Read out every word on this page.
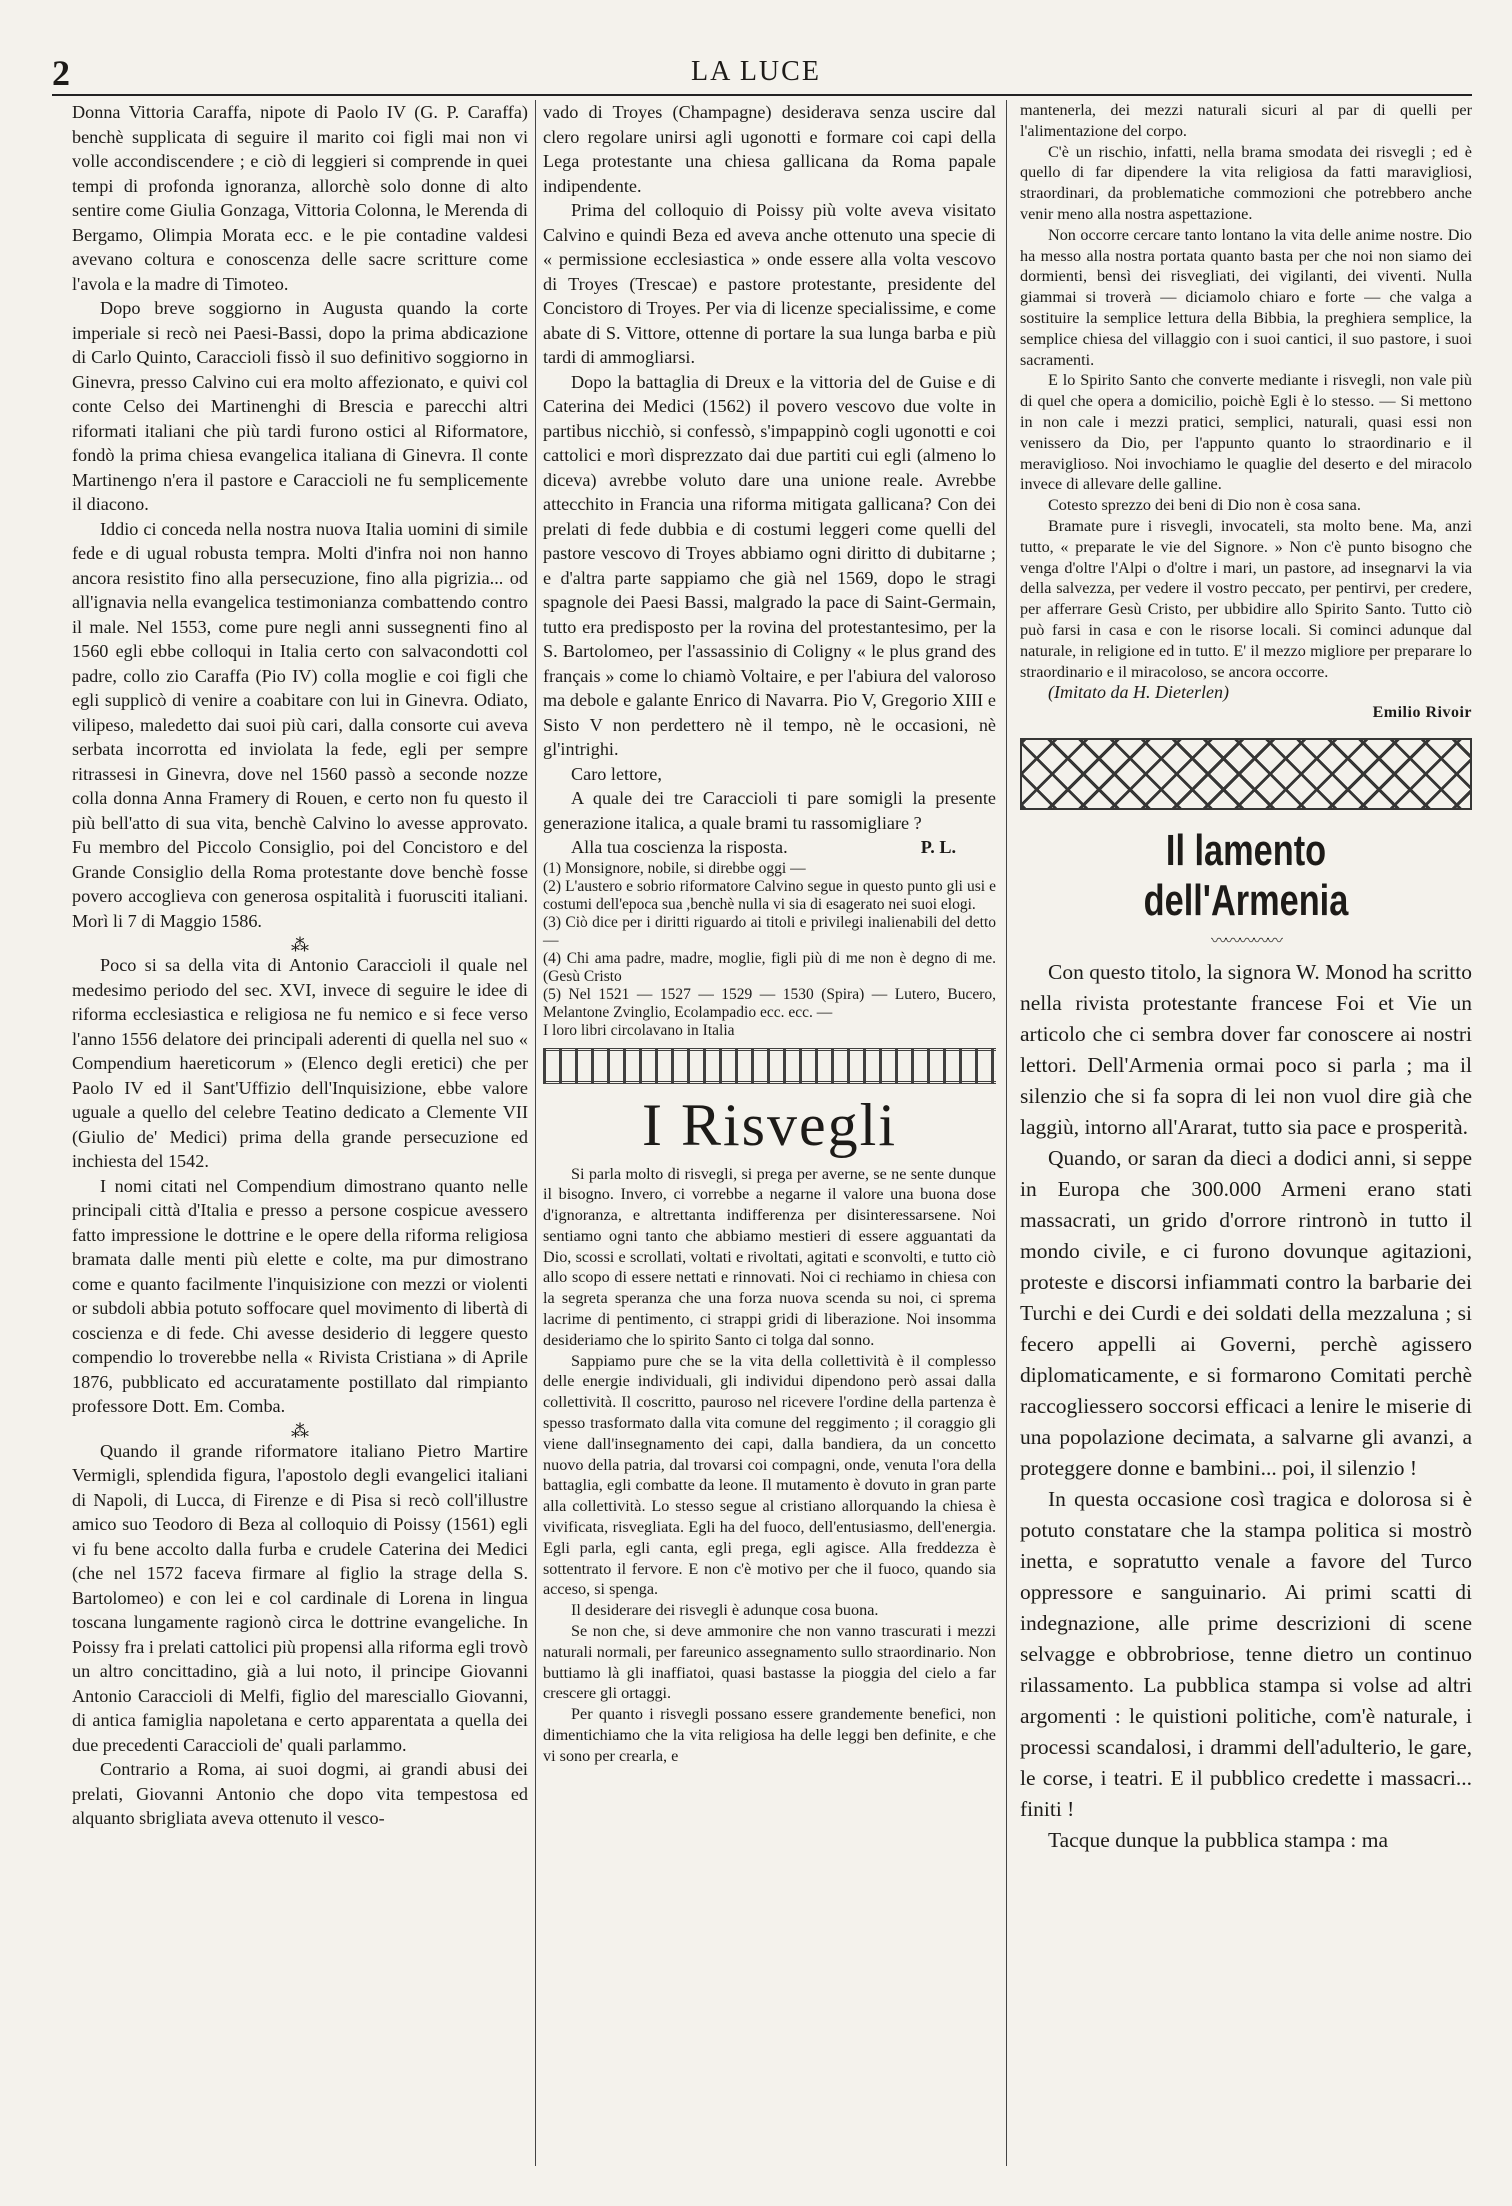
2	LA LUCE

Donna Vittoria Caraffa, nipote di Paolo IV (G. P. Caraffa) benchè supplicata di seguire il marito coi figli mai non vi volle accondiscendere ; e ciò di leggieri si comprende in quei tempi di profonda ignoranza, allorchè solo donne di alto sentire come Giulia Gonzaga, Vittoria Colonna, le Merenda di Bergamo, Olimpia Morata ecc. e le pie contadine valdesi avevano coltura e conoscenza delle sacre scritture come l'avola e la madre di Timoteo.

Dopo breve soggiorno in Augusta quando la corte imperiale si recò nei Paesi-Bassi, dopo la prima abdicazione di Carlo Quinto, Caraccioli fissò il suo definitivo soggiorno in Ginevra, presso Calvino cui era molto affezionato, e quivi col conte Celso dei Martinenghi di Brescia e parecchi altri riformati italiani che più tardi furono ostici al Riformatore, fondò la prima chiesa evangelica italiana di Ginevra. Il conte Martinengo n'era il pastore e Caraccioli ne fu semplicemente il diacono.

Iddio ci conceda nella nostra nuova Italia uomini di simile fede e di ugual robusta tempra. Molti d'infra noi non hanno ancora resistito fino alla persecuzione, fino alla pigrizia... od all'ignavia nella evangelica testimonianza combattendo contro il male. Nel 1553, come pure negli anni sussegnenti fino al 1560 egli ebbe colloqui in Italia certo con salvacondotti col padre, collo zio Caraffa (Pio IV) colla moglie e coi figli che egli supplicò di venire a coabitare con lui in Ginevra. Odiato, vilipeso, maledetto dai suoi più cari, dalla consorte cui aveva serbata incorrotta ed inviolata la fede, egli per sempre ritrassesi in Ginevra, dove nel 1560 passò a seconde nozze colla donna Anna Framery di Rouen, e certo non fu questo il più bell'atto di sua vita, benchè Calvino lo avesse approvato. Fu membro del Piccolo Consiglio, poi del Concistoro e del Grande Consiglio della Roma protestante dove benchè fosse povero accoglieva con generosa ospitalità i fuorusciti italiani. Morì li 7 di Maggio 1586.

⁂

Poco si sa della vita di Antonio Caraccioli il quale nel medesimo periodo del sec. XVI, invece di seguire le idee di riforma ecclesiastica e religiosa ne fu nemico e si fece verso l'anno 1556 delatore dei principali aderenti di quella nel suo « Compendium haereticorum » (Elenco degli eretici) che per Paolo IV ed il Sant'Uffizio dell'Inquisizione, ebbe valore uguale a quello del celebre Teatino dedicato a Clemente VII (Giulio de' Medici) prima della grande persecuzione ed inchiesta del 1542.

I nomi citati nel Compendium dimostrano quanto nelle principali città d'Italia e presso a persone cospicue avessero fatto impressione le dottrine e le opere della riforma religiosa bramata dalle menti più elette e colte, ma pur dimostrano come e quanto facilmente l'inquisizione con mezzi or violenti or subdoli abbia potuto soffocare quel movimento di libertà di coscienza e di fede. Chi avesse desiderio di leggere questo compendio lo troverebbe nella « Rivista Cristiana » di Aprile 1876, pubblicato ed accuratamente postillato dal rimpianto professore Dott. Em. Comba.

⁂

Quando il grande riformatore italiano Pietro Martire Vermigli, splendida figura, l'apostolo degli evangelici italiani di Napoli, di Lucca, di Firenze e di Pisa si recò coll'illustre amico suo Teodoro di Beza al colloquio di Poissy (1561) egli vi fu bene accolto dalla furba e crudele Caterina dei Medici (che nel 1572 faceva firmare al figlio la strage della S. Bartolomeo) e con lei e col cardinale di Lorena in lingua toscana lungamente ragionò circa le dottrine evangeliche. In Poissy fra i prelati cattolici più propensi alla riforma egli trovò un altro concittadino, già a lui noto, il principe Giovanni Antonio Caraccioli di Melfi, figlio del maresciallo Giovanni, di antica famiglia napoletana e certo apparentata a quella dei due precedenti Caraccioli de' quali parlammo.

Contrario a Roma, ai suoi dogmi, ai grandi abusi dei prelati, Giovanni Antonio che dopo vita tempestosa ed alquanto sbrigliata aveva ottenuto il vesco-

vado di Troyes (Champagne) desiderava senza uscire dal clero regolare unirsi agli ugonotti e formare coi capi della Lega protestante una chiesa gallicana da Roma papale indipendente.

Prima del colloquio di Poissy più volte aveva visitato Calvino e quindi Beza ed aveva anche ottenuto una specie di « permissione ecclesiastica » onde essere alla volta vescovo di Troyes (Trescae) e pastore protestante, presidente del Concistoro di Troyes. Per via di licenze specialissime, e come abate di S. Vittore, ottenne di portare la sua lunga barba e più tardi di ammogliarsi.

Dopo la battaglia di Dreux e la vittoria del de Guise e di Caterina dei Medici (1562) il povero vescovo due volte in partibus nicchiò, si confessò, s'impappinò cogli ugonotti e coi cattolici e morì disprezzato dai due partiti cui egli (almeno lo diceva) avrebbe voluto dare una unione reale. Avrebbe attecchito in Francia una riforma mitigata gallicana? Con dei prelati di fede dubbia e di costumi leggeri come quelli del pastore vescovo di Troyes abbiamo ogni diritto di dubitarne ; e d'altra parte sappiamo che già nel 1569, dopo le stragi spagnole dei Paesi Bassi, malgrado la pace di Saint-Germain, tutto era predisposto per la rovina del protestantesimo, per la S. Bartolomeo, per l'assassinio di Coligny « le plus grand des français » come lo chiamò Voltaire, e per l'abiura del valoroso ma debole e galante Enrico di Navarra. Pio V, Gregorio XIII e Sisto V non perdettero nè il tempo, nè le occasioni, nè gl'intrighi.

Caro lettore,

A quale dei tre Caraccioli ti pare somigli la presente generazione italica, a quale brami tu rassomigliare ?

Alla tua coscienza la risposta.	P. L.

(1) Monsignore, nobile, si direbbe oggi —

(2) L'austero e sobrio riformatore Calvino segue in questo punto gli usi e costumi dell'epoca sua ,benchè nulla vi sia di esagerato nei suoi elogi.

(3) Ciò dice per i diritti riguardo ai titoli e privilegi inalienabili del detto —

(4) Chi ama padre, madre, moglie, figli più di me non è degno di me. (Gesù Cristo

(5) Nel 1521 — 1527 — 1529 — 1530 (Spira) — Lutero, Bucero, Melantone Zvinglio, Ecolampadio ecc. ecc. —

I loro libri circolavano in Italia

I Risvegli

Si parla molto di risvegli, si prega per averne, se ne sente dunque il bisogno. Invero, ci vorrebbe a negarne il valore una buona dose d'ignoranza, e altrettanta indifferenza per disinteressarsene. Noi sentiamo ogni tanto che abbiamo mestieri di essere agguantati da Dio, scossi e scrollati, voltati e rivoltati, agitati e sconvolti, e tutto ciò allo scopo di essere nettati e rinnovati. Noi ci rechiamo in chiesa con la segreta speranza che una forza nuova scenda su noi, ci sprema lacrime di pentimento, ci strappi gridi di liberazione. Noi insomma desideriamo che lo spirito Santo ci tolga dal sonno.

Sappiamo pure che se la vita della collettività è il complesso delle energie individuali, gli individui dipendono però assai dalla collettività. Il coscritto, pauroso nel ricevere l'ordine della partenza è spesso trasformato dalla vita comune del reggimento ; il coraggio gli viene dall'insegnamento dei capi, dalla bandiera, da un concetto nuovo della patria, dal trovarsi coi compagni, onde, venuta l'ora della battaglia, egli combatte da leone. Il mutamento è dovuto in gran parte alla collettività. Lo stesso segue al cristiano allorquando la chiesa è vivificata, risvegliata. Egli ha del fuoco, dell'entusiasmo, dell'energia. Egli parla, egli canta, egli prega, egli agisce. Alla freddezza è sottentrato il fervore. E non c'è motivo per che il fuoco, quando sia acceso, si spenga.

Il desiderare dei risvegli è adunque cosa buona.

Se non che, si deve ammonire che non vanno trascurati i mezzi naturali normali, per fareunico assegnamento sullo straordinario. Non buttiamo là gli inaffiatoi, quasi bastasse la pioggia del cielo a far crescere gli ortaggi.

Per quanto i risvegli possano essere grandemente benefici, non dimentichiamo che la vita religiosa ha delle leggi ben definite, e che vi sono per crearla, e

mantenerla, dei mezzi naturali sicuri al par di quelli per l'alimentazione del corpo.

C'è un rischio, infatti, nella brama smodata dei risvegli ; ed è quello di far dipendere la vita religiosa da fatti maravigliosi, straordinari, da problematiche commozioni che potrebbero anche venir meno alla nostra aspettazione.

Non occorre cercare tanto lontano la vita delle anime nostre. Dio ha messo alla nostra portata quanto basta per che noi non siamo dei dormienti, bensì dei risvegliati, dei vigilanti, dei viventi. Nulla giammai si troverà — diciamolo chiaro e forte — che valga a sostituire la semplice lettura della Bibbia, la preghiera semplice, la semplice chiesa del villaggio con i suoi cantici, il suo pastore, i suoi sacramenti.

E lo Spirito Santo che converte mediante i risvegli, non vale più di quel che opera a domicilio, poichè Egli è lo stesso. — Si mettono in non cale i mezzi pratici, semplici, naturali, quasi essi non venissero da Dio, per l'appunto quanto lo straordinario e il meraviglioso. Noi invochiamo le quaglie del deserto e del miracolo invece di allevare delle galline.

Cotesto sprezzo dei beni di Dio non è cosa sana.

Bramate pure i risvegli, invocateli, sta molto bene. Ma, anzi tutto, « preparate le vie del Signore. » Non c'è punto bisogno che venga d'oltre l'Alpi o d'oltre i mari, un pastore, ad insegnarvi la via della salvezza, per vedere il vostro peccato, per pentirvi, per credere, per afferrare Gesù Cristo, per ubbidire allo Spirito Santo. Tutto ciò può farsi in casa e con le risorse locali. Si cominci adunque dal naturale, in religione ed in tutto. E' il mezzo migliore per preparare lo straordinario e il miracoloso, se ancora occorre.

(Imitato da H. Dieterlen)

Emilio Rivoir
Il lamento dell'Armenia
〰〰〰〰〰

Con questo titolo, la signora W. Monod ha scritto nella rivista protestante francese Foi et Vie un articolo che ci sembra dover far conoscere ai nostri lettori. Dell'Armenia ormai poco si parla ; ma il silenzio che si fa sopra di lei non vuol dire già che laggiù, intorno all'Ararat, tutto sia pace e prosperità.

Quando, or saran da dieci a dodici anni, si seppe in Europa che 300.000 Armeni erano stati massacrati, un grido d'orrore rintronò in tutto il mondo civile, e ci furono dovunque agitazioni, proteste e discorsi infiammati contro la barbarie dei Turchi e dei Curdi e dei soldati della mezzaluna ; si fecero appelli ai Governi, perchè agissero diplomaticamente, e si formarono Comitati perchè raccogliessero soccorsi efficaci a lenire le miserie di una popolazione decimata, a salvarne gli avanzi, a proteggere donne e bambini... poi, il silenzio !

In questa occasione così tragica e dolorosa si è potuto constatare che la stampa politica si mostrò inetta, e sopratutto venale a favore del Turco oppressore e sanguinario. Ai primi scatti di indegnazione, alle prime descrizioni di scene selvagge e obbrobriose, tenne dietro un continuo rilassamento. La pubblica stampa si volse ad altri argomenti : le quistioni politiche, com'è naturale, i processi scandalosi, i drammi dell'adulterio, le gare, le corse, i teatri. E il pubblico credette i massacri... finiti !

Tacque dunque la pubblica stampa : ma
